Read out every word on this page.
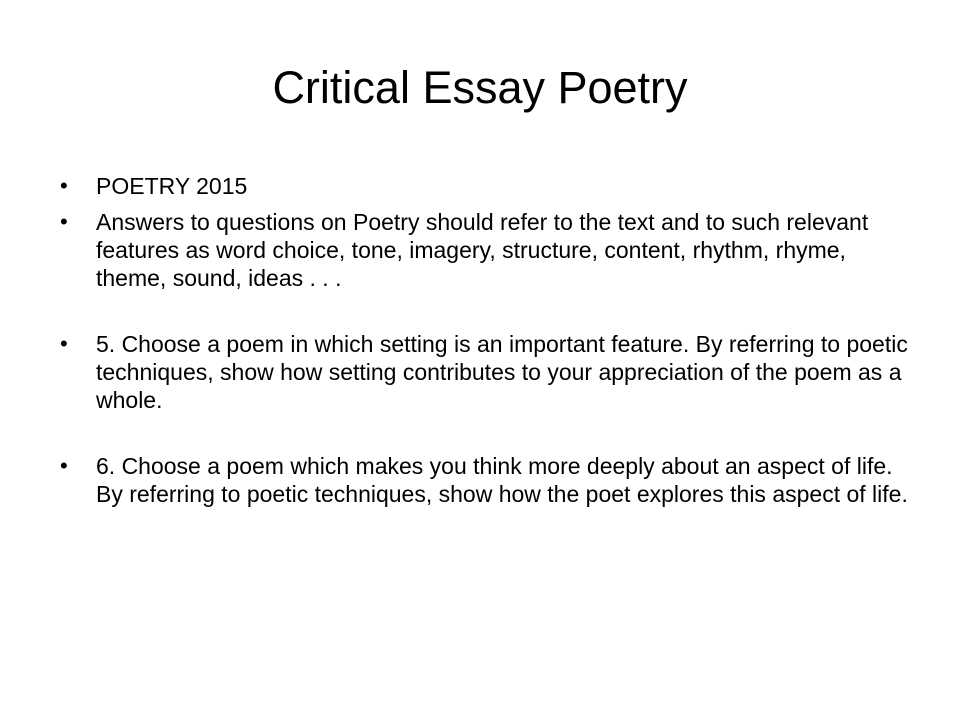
Critical Essay Poetry
•	POETRY 2015
•	Answers to questions on Poetry should refer to the text and to such relevant features as word choice, tone, imagery, structure, content, rhythm, rhyme, theme, sound, ideas . . .
•	5. Choose a poem in which setting is an important feature. By referring to poetic techniques, show how setting contributes to your appreciation of the poem as a whole.
•	6. Choose a poem which makes you think more deeply about an aspect of life. By referring to poetic techniques, show how the poet explores this aspect of life.
